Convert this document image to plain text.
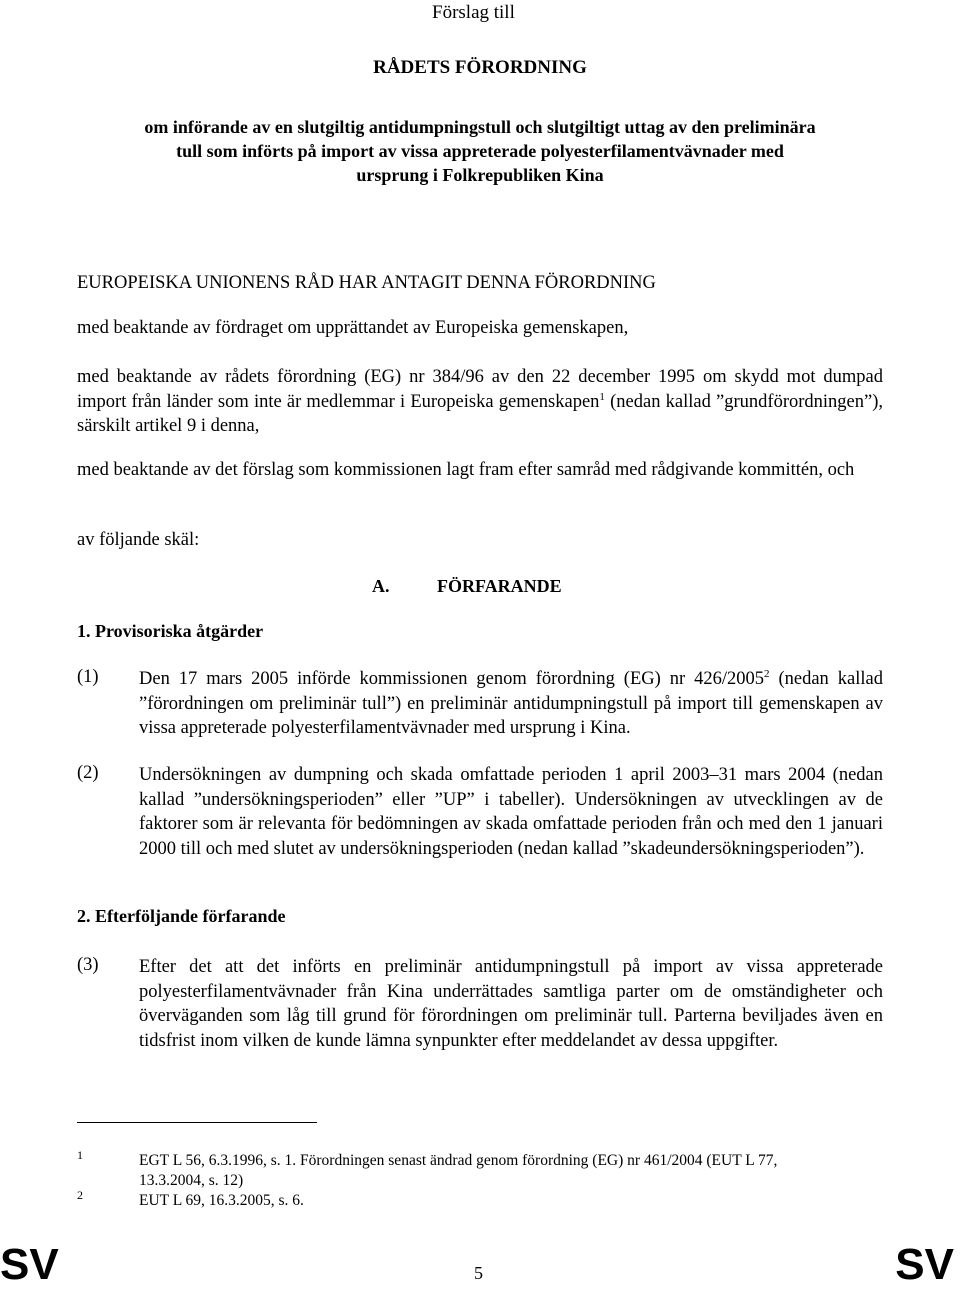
Förslag till
RÅDETS FÖRORDNING
om införande av en slutgiltig antidumpningstull och slutgiltigt uttag av den preliminära
tull som införts på import av vissa appreterade polyesterfilamentvävnader med
ursprung i Folkrepubliken Kina
EUROPEISKA UNIONENS RÅD HAR ANTAGIT DENNA FÖRORDNING
med beaktande av fördraget om upprättandet av Europeiska gemenskapen,
med beaktande av rådets förordning (EG) nr 384/96 av den 22 december 1995 om skydd mot dumpad import från länder som inte är medlemmar i Europeiska gemenskapen$^1$ (nedan kallad ”grundförordningen”), särskilt artikel 9 i denna,
med beaktande av det förslag som kommissionen lagt fram efter samråd med rådgivande kommittén, och
av följande skäl:
A.	FÖRFARANDE
1. Provisoriska åtgärder
(1) Den 17 mars 2005 införde kommissionen genom förordning (EG) nr 426/2005$^2$ (nedan kallad ”förordningen om preliminär tull”) en preliminär antidumpningstull på import till gemenskapen av vissa appreterade polyesterfilamentvävnader med ursprung i Kina.
(2) Undersökningen av dumpning och skada omfattade perioden 1 april 2003–31 mars 2004 (nedan kallad ”undersökningsperioden” eller ”UP” i tabeller). Undersökningen av utvecklingen av de faktorer som är relevanta för bedömningen av skada omfattade perioden från och med den 1 januari 2000 till och med slutet av undersökningsperioden (nedan kallad ”skadeundersökningsperioden”).
2. Efterföljande förfarande
(3) Efter det att det införts en preliminär antidumpningstull på import av vissa appreterade polyesterfilamentvävnader från Kina underrättades samtliga parter om de omständigheter och överväganden som låg till grund för förordningen om preliminär tull. Parterna beviljades även en tidsfrist inom vilken de kunde lämna synpunkter efter meddelandet av dessa uppgifter.
1	EGT L 56, 6.3.1996, s. 1. Förordningen senast ändrad genom förordning (EG) nr 461/2004 (EUT L 77,
13.3.2004, s. 12)
2	EUT L 69, 16.3.2005, s. 6.
SV	5	SV
